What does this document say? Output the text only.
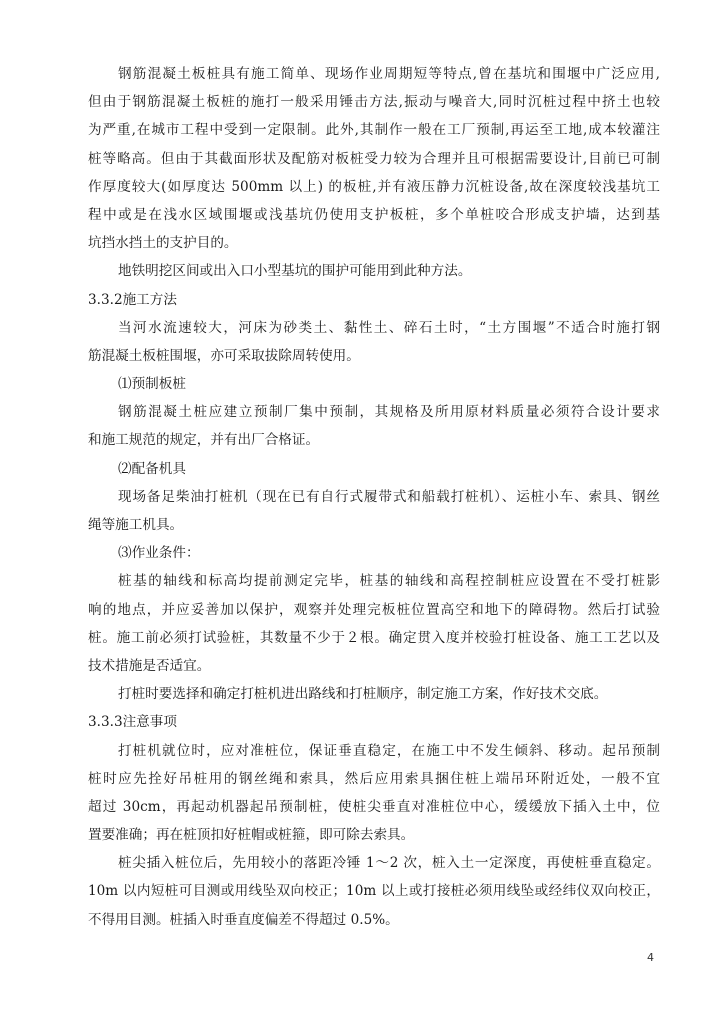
钢筋混凝土板桩具有施工简单、现场作业周期短等特点,曾在基坑和围堰中广泛应用,
但由于钢筋混凝土板桩的施打一般采用锤击方法,振动与噪音大,同时沉桩过程中挤土也较
为严重,在城市工程中受到一定限制。此外,其制作一般在工厂预制,再运至工地,成本较灌注
桩等略高。但由于其截面形状及配筋对板桩受力较为合理并且可根据需要设计,目前已可制
作厚度较大(如厚度达 500mm 以上) 的板桩,并有液压静力沉桩设备,故在深度较浅基坑工
程中或是在浅水区域围堰或浅基坑仍使用支护板桩，多个单桩咬合形成支护墙，达到基
坑挡水挡土的支护目的。
地铁明挖区间或出入口小型基坑的围护可能用到此种方法。
3.3.2施工方法
当河水流速较大，河床为砂类土、黏性土、碎石土时，“土方围堰”不适合时施打钢
筋混凝土板桩围堰，亦可采取拔除周转使用。
⑴预制板桩
钢筋混凝土桩应建立预制厂集中预制，其规格及所用原材料质量必须符合设计要求
和施工规范的规定，并有出厂合格证。
⑵配备机具
现场备足柴油打桩机（现在已有自行式履带式和船载打桩机）、运桩小车、索具、钢丝
绳等施工机具。
⑶作业条件：
桩基的轴线和标高均提前测定完毕，桩基的轴线和高程控制桩应设置在不受打桩影
响的地点，并应妥善加以保护，观察并处理完板桩位置高空和地下的障碍物。然后打试验
桩。施工前必须打试验桩，其数量不少于２根。确定贯入度并校验打桩设备、施工工艺以及
技术措施是否适宜。
打桩时要选择和确定打桩机进出路线和打桩顺序，制定施工方案，作好技术交底。
3.3.3注意事项
打桩机就位时，应对准桩位，保证垂直稳定，在施工中不发生倾斜、移动。起吊预制
桩时应先拴好吊桩用的钢丝绳和索具，然后应用索具捆住桩上端吊环附近处，一般不宜
超过 30cm，再起动机器起吊预制桩，使桩尖垂直对准桩位中心，缓缓放下插入土中，位
置要准确；再在桩顶扣好桩帽或桩箍，即可除去索具。
桩尖插入桩位后，先用较小的落距冷锤 1～2 次，桩入土一定深度，再使桩垂直稳定。
10m 以内短桩可目测或用线坠双向校正；10m 以上或打接桩必须用线坠或经纬仪双向校正，
不得用目测。桩插入时垂直度偏差不得超过 0.5%。
4
